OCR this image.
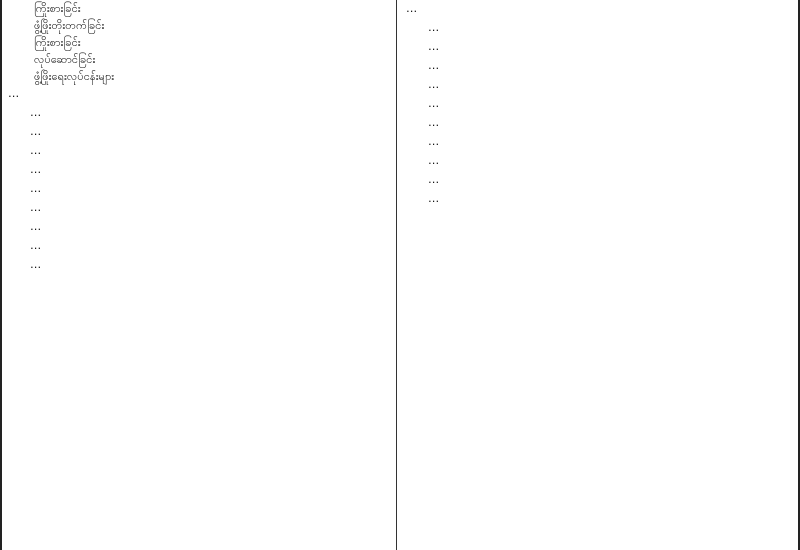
- ကြိုးစားခြင်း
- ဖွံ့ဖြိုးတိုးတက်ခြင်း
- ကြိုးစားခြင်း
- လုပ်ဆောင်ခြင်း
- ဖွံ့ဖြိုးရေးလုပ်ငန်းများ

…

…

…

…

…

…

…

…

…

…

…

…

…

…

…

…

…

…

…

…

…
